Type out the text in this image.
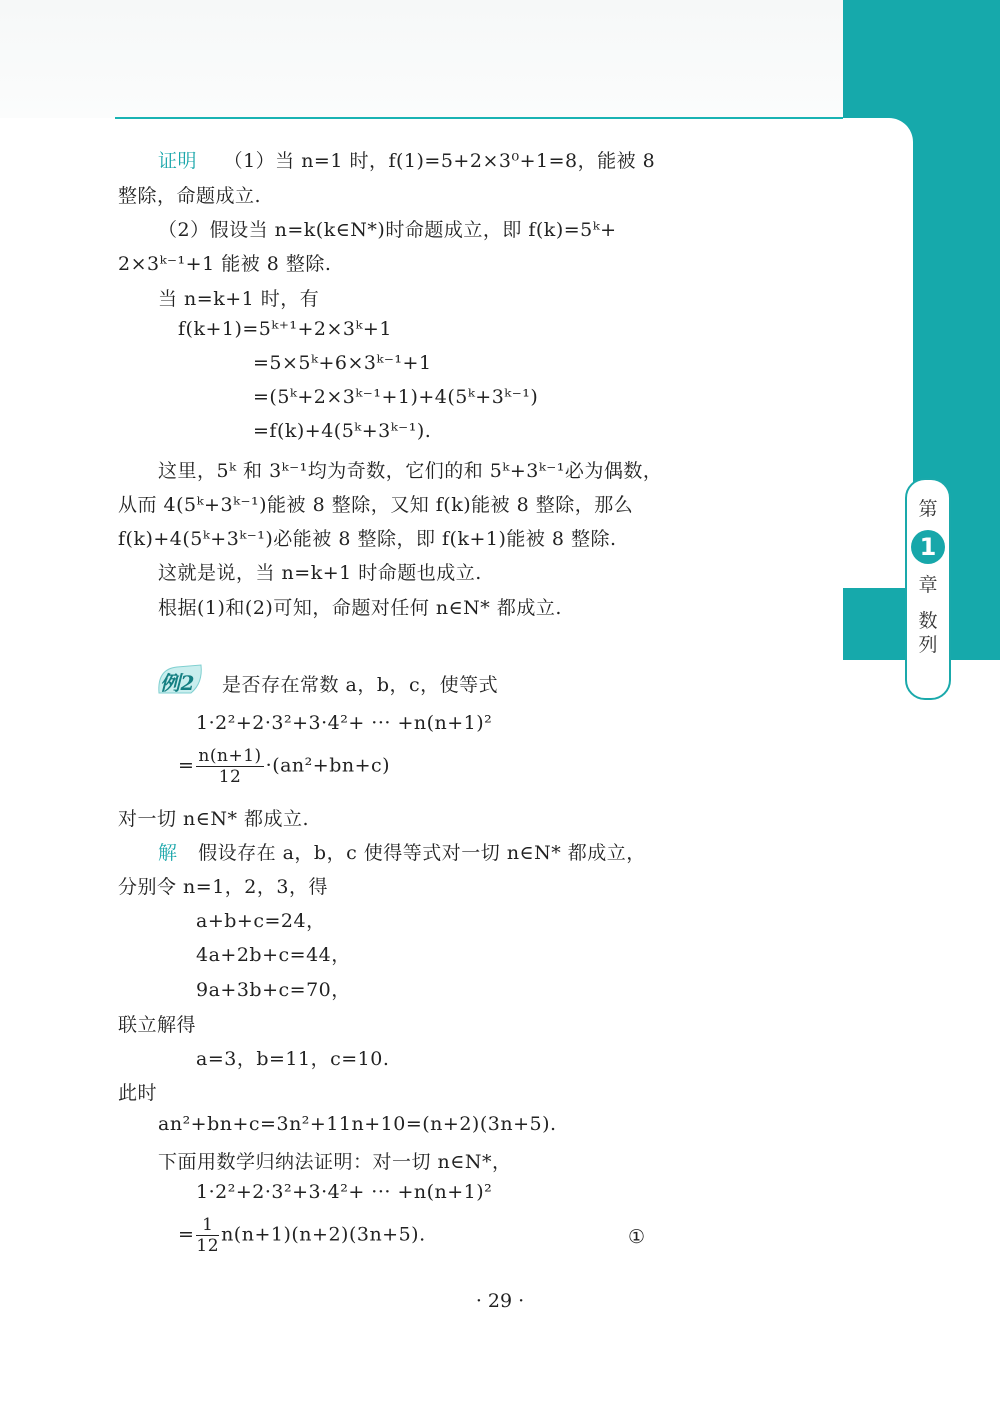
第
1
章
数
列
证明 （1）当 n=1 时，f(1)=5+2×3⁰+1=8，能被 8
整除，命题成立.
（2）假设当 n=k(k∈N*)时命题成立，即 f(k)=5ᵏ+
2×3ᵏ⁻¹+1 能被 8 整除.
当 n=k+1 时，有
f(k+1)=5ᵏ⁺¹+2×3ᵏ+1
=5×5ᵏ+6×3ᵏ⁻¹+1
=(5ᵏ+2×3ᵏ⁻¹+1)+4(5ᵏ+3ᵏ⁻¹)
=f(k)+4(5ᵏ+3ᵏ⁻¹).
这里，5ᵏ 和 3ᵏ⁻¹均为奇数，它们的和 5ᵏ+3ᵏ⁻¹必为偶数，
从而 4(5ᵏ+3ᵏ⁻¹)能被 8 整除，又知 f(k)能被 8 整除，那么
f(k)+4(5ᵏ+3ᵏ⁻¹)必能被 8 整除，即 f(k+1)能被 8 整除.
这就是说，当 n=k+1 时命题也成立.
根据(1)和(2)可知，命题对任何 n∈N* 都成立.
例2 是否存在常数 a，b，c，使等式
1·2²+2·3²+3·4²+ ··· +n(n+1)²
= $\frac{n(n+1)}{12} \cdot(an^2+bn+c)$
对一切 n∈N* 都成立.
解 假设存在 a，b，c 使得等式对一切 n∈N* 都成立，
分别令 n=1，2，3，得
a+b+c=24，
4a+2b+c=44，
9a+3b+c=70，
联立解得
a=3，b=11，c=10.
此时
an²+bn+c=3n²+11n+10=(n+2)(3n+5).
下面用数学归纳法证明：对一切 n∈N*，
1·2²+2·3²+3·4²+ ··· +n(n+1)²
= $\frac{1}{12} n(n+1)(n+2)(3n+5)$.	①
· 29 ·
